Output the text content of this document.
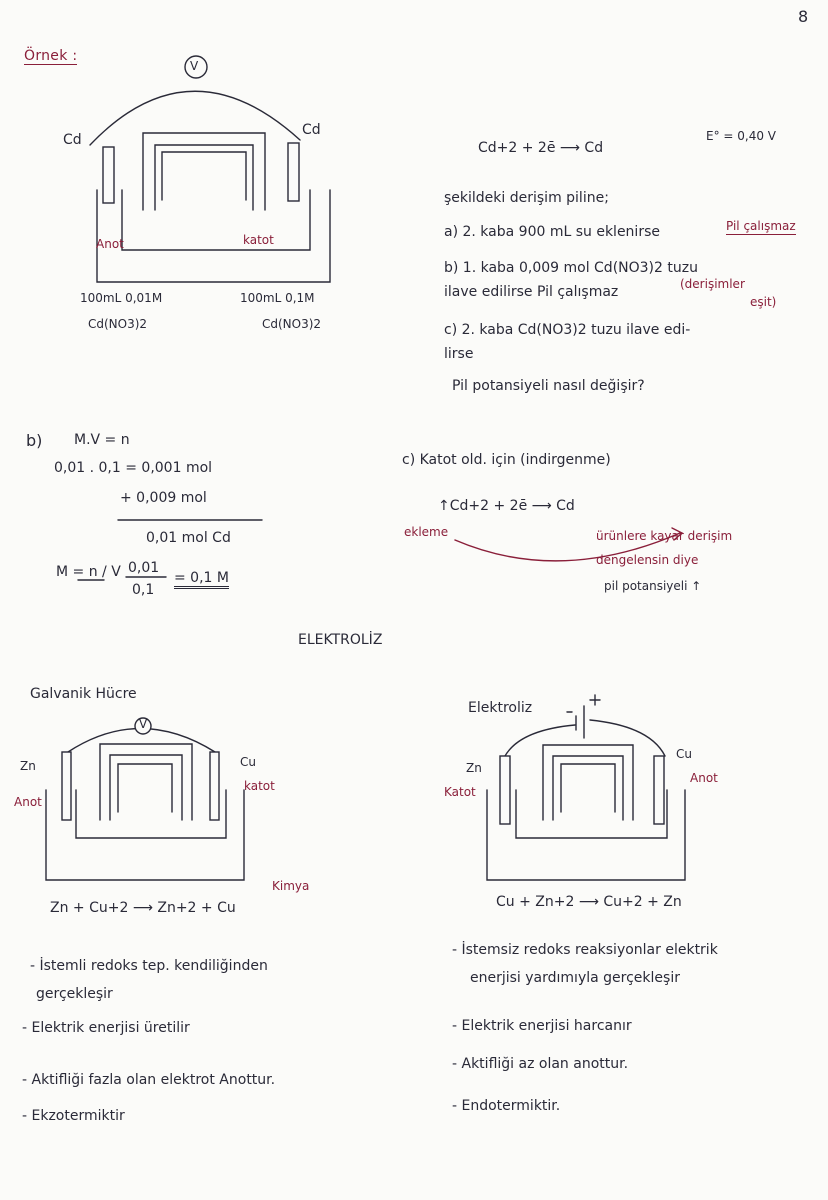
8
Örnek :
V
Cd
Cd
Anot	katot
100mL 0,01M
Cd(NO3)2
100mL 0,1M
Cd(NO3)2
Cd+2 + 2ē ⟶ Cd
E° = 0,40 V
şekildeki derişim piline;
a) 2. kaba 900 mL su eklenirse	Pil çalışmaz
b) 1. kaba 0,009 mol Cd(NO3)2 tuzu
ilave edilirse Pil çalışmaz	(derişimler
eşit)
c) 2. kaba Cd(NO3)2 tuzu ilave edi-
lirse
Pil potansiyeli nasıl değişir?
b) M.V = n
0,01 . 0,1 = 0,001 mol
+ 0,009 mol
0,01 mol Cd
M = n / V 0,01
0,1
= 0,1 M
c) Katot old. için (indirgenme)
↑Cd+2 + 2ē ⟶ Cd
ekleme	ürünlere kayar derişim
dengelensin diye
pil potansiyeli ↑
ELEKTROLİZ
Galvanik Hücre
V
Zn
Anot
Cu
katot
Zn + Cu+2 ⟶ Zn+2 + Cu
Kimya
- İstemli redoks tep. kendiliğinden
gerçekleşir
- Elektrik enerjisi üretilir
- Aktifliği fazla olan elektrot Anottur.
- Ekzotermiktir
Elektroliz
Zn
Katot
Cu
Anot
Cu + Zn+2 ⟶ Cu+2 + Zn
- İstemsiz redoks reaksiyonlar elektrik
enerjisi yardımıyla gerçekleşir
- Elektrik enerjisi harcanır
- Aktifliği az olan anottur.
- Endotermiktir.
